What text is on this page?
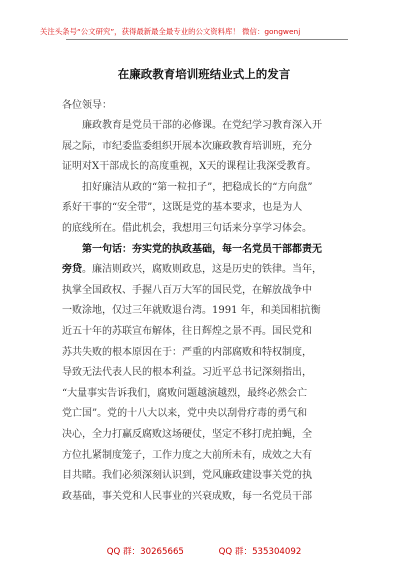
关注头条号“公文研究”，获得最新最全最专业的公文资料库！ 微信：gongwenj
在廉政教育培训班结业式上的发言
各位领导：
廉政教育是党员干部的必修课。在党纪学习教育深入开
展之际，市纪委监委组织开展本次廉政教育培训班，充分
证明对X干部成长的高度重视，X天的课程让我深受教育。
扣好廉洁从政的“第一粒扣子”，把稳成长的“方向盘”
系好干事的“安全带”，这既是党的基本要求，也是为人
的底线所在。借此机会，我想用三句话来分享学习体会。
第一句话：夯实党的执政基础，每一名党员干部都责无
旁贷。廉洁则政兴，腐败则政息，这是历史的铁律。当年，
执掌全国政权、手握八百万大军的国民党，在解放战争中
一败涂地，仅过三年就败退台湾。1991 年，和美国相抗衡
近五十年的苏联宣布解体，往日辉煌之景不再。国民党和
苏共失败的根本原因在于：严重的内部腐败和特权制度，
导致无法代表人民的根本利益。习近平总书记深刻指出，
“大量事实告诉我们，腐败问题越演越烈，最终必然会亡
党亡国”。党的十八大以来，党中央以刮骨疗毒的勇气和
决心，全力打赢反腐败这场硬仗，坚定不移打虎拍蝇，全
方位扎紧制度笼子，工作力度之大前所未有，成效之大有
目共睹。我们必须深刻认识到，党风廉政建设事关党的执
政基础，事关党和人民事业的兴衰成败，每一名党员干部
QQ 群：30265665	QQ 群：535304092
